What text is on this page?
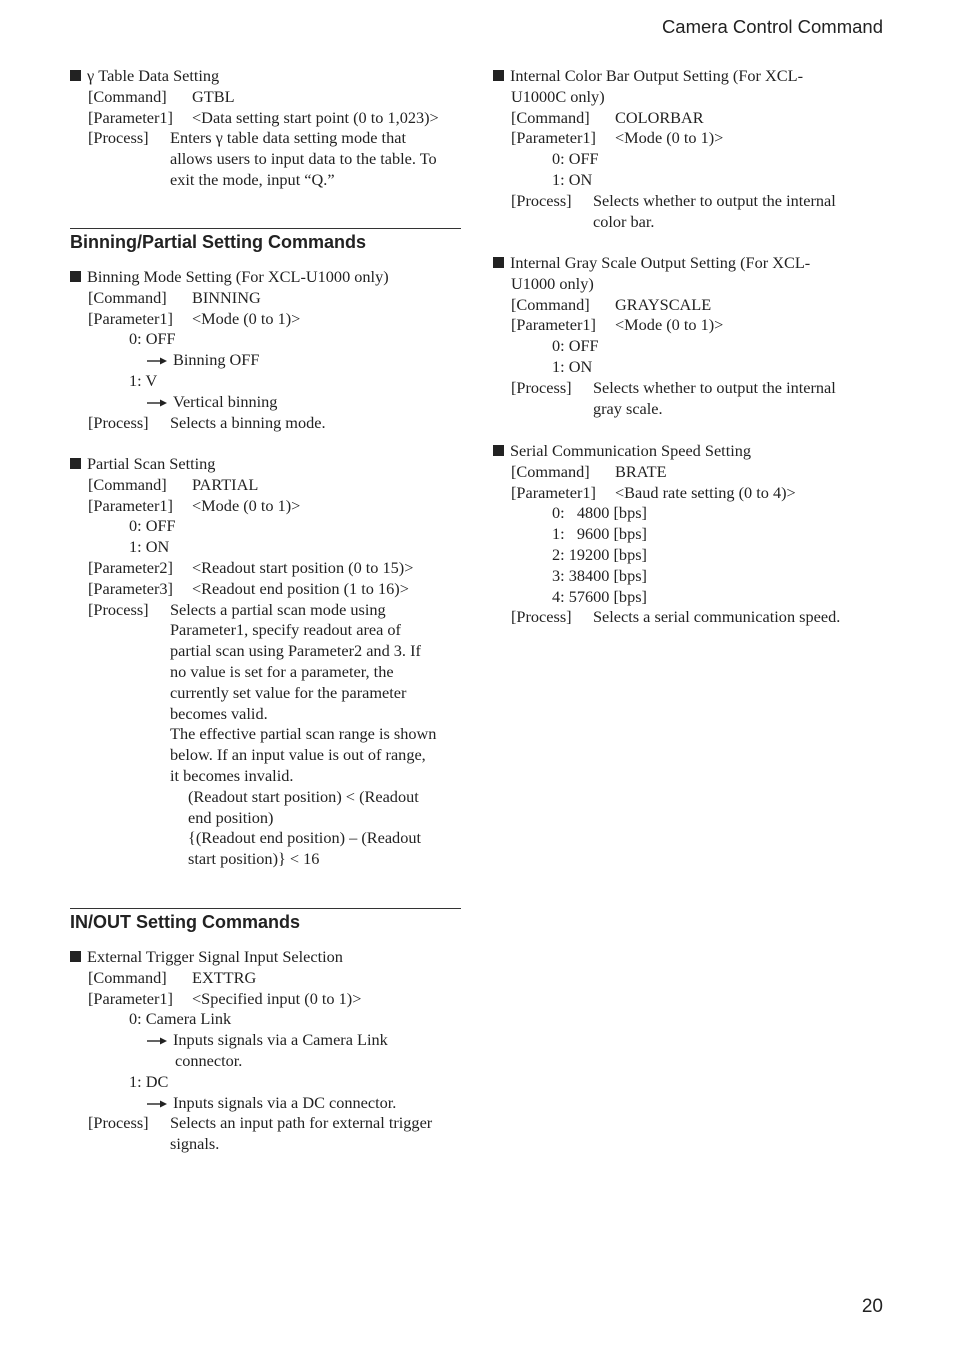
Camera Control Command
γ Table Data Setting
[Command] GTBL
[Parameter1] <Data setting start point (0 to 1,023)>
[Process] Enters γ table data setting mode that
allows users to input data to the table. To
exit the mode, input “Q.”
Binning/Partial Setting Commands
Binning Mode Setting (For XCL-U1000 only)
[Command] BINNING
[Parameter1] <Mode (0 to 1)>
0: OFF
Binning OFF
1: V
Vertical binning
[Process] Selects a binning mode.
Partial Scan Setting
[Command] PARTIAL
[Parameter1] <Mode (0 to 1)>
0: OFF
1: ON
[Parameter2] <Readout start position (0 to 15)>
[Parameter3] <Readout end position (1 to 16)>
[Process] Selects a partial scan mode using
Parameter1, specify readout area of
partial scan using Parameter2 and 3. If
no value is set for a parameter, the
currently set value for the parameter
becomes valid.
The effective partial scan range is shown
below. If an input value is out of range,
it becomes invalid.
(Readout start position) < (Readout
end position)
{(Readout end position) – (Readout
start position)} < 16
IN/OUT Setting Commands
External Trigger Signal Input Selection
[Command] EXTTRG
[Parameter1] <Specified input (0 to 1)>
0: Camera Link
Inputs signals via a Camera Link
connector.
1: DC
Inputs signals via a DC connector.
[Process] Selects an input path for external trigger
signals.
Internal Color Bar Output Setting (For XCL-
U1000C only)
[Command] COLORBAR
[Parameter1] <Mode (0 to 1)>
0: OFF
1: ON
[Process] Selects whether to output the internal
color bar.
Internal Gray Scale Output Setting (For XCL-
U1000 only)
[Command] GRAYSCALE
[Parameter1] <Mode (0 to 1)>
0: OFF
1: ON
[Process] Selects whether to output the internal
gray scale.
Serial Communication Speed Setting
[Command] BRATE
[Parameter1] <Baud rate setting (0 to 4)>
0:   4800 [bps]
1:   9600 [bps]
2: 19200 [bps]
3: 38400 [bps]
4: 57600 [bps]
[Process] Selects a serial communication speed.
20
